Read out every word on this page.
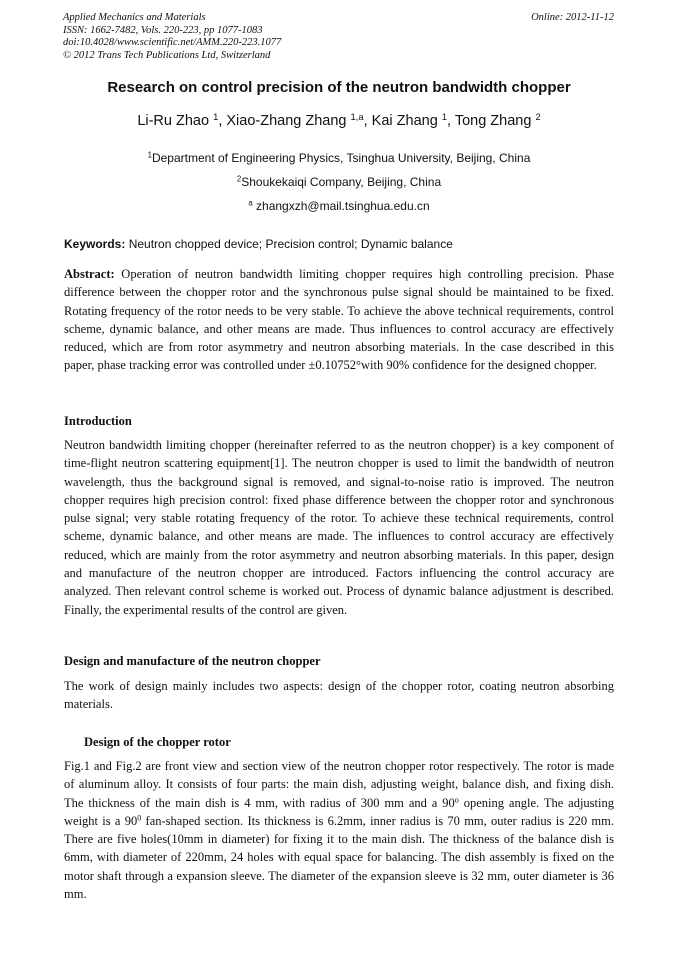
Applied Mechanics and Materials
ISSN: 1662-7482, Vols. 220-223, pp 1077-1083
doi:10.4028/www.scientific.net/AMM.220-223.1077
© 2012 Trans Tech Publications Ltd, Switzerland
Online: 2012-11-12
Research on control precision of the neutron bandwidth chopper
Li-Ru Zhao $^1$, Xiao-Zhang Zhang $^{1,a}$, Kai Zhang $^1$, Tong Zhang $^2$
$^1$Department of Engineering Physics, Tsinghua University, Beijing, China
$^2$Shoukekaiqi Company, Beijing, China
$^a$ zhangxzh@mail.tsinghua.edu.cn
Keywords: Neutron chopped device; Precision control; Dynamic balance
Abstract: Operation of neutron bandwidth limiting chopper requires high controlling precision. Phase difference between the chopper rotor and the synchronous pulse signal should be maintained to be fixed. Rotating frequency of the rotor needs to be very stable. To achieve the above technical requirements, control scheme, dynamic balance, and other means are made. Thus influences to control accuracy are effectively reduced, which are from rotor asymmetry and neutron absorbing materials. In the case described in this paper, phase tracking error was controlled under ±0.10752°with 90% confidence for the designed chopper.
Introduction
Neutron bandwidth limiting chopper (hereinafter referred to as the neutron chopper) is a key component of time-flight neutron scattering equipment[1]. The neutron chopper is used to limit the bandwidth of neutron wavelength, thus the background signal is removed, and signal-to-noise ratio is improved. The neutron chopper requires high precision control: fixed phase difference between the chopper rotor and synchronous pulse signal; very stable rotating frequency of the rotor. To achieve these technical requirements, control scheme, dynamic balance, and other means are made. The influences to control accuracy are effectively reduced, which are mainly from the rotor asymmetry and neutron absorbing materials. In this paper, design and manufacture of the neutron chopper are introduced. Factors influencing the control accuracy are analyzed. Then relevant control scheme is worked out. Process of dynamic balance adjustment is described. Finally, the experimental results of the control are given.
Design and manufacture of the neutron chopper
The work of design mainly includes two aspects: design of the chopper rotor, coating neutron absorbing materials.
Design of the chopper rotor
Fig.1 and Fig.2 are front view and section view of the neutron chopper rotor respectively. The rotor is made of aluminum alloy. It consists of four parts: the main dish, adjusting weight, balance dish, and fixing dish. The thickness of the main dish is 4 mm, with radius of 300 mm and a 90$^o$ opening angle. The adjusting weight is a $90^0$ fan-shaped section. Its thickness is 6.2mm, inner radius is 70 mm, outer radius is 220 mm. There are five holes(10mm in diameter) for fixing it to the main dish. The thickness of the balance dish is 6mm, with diameter of 220mm, 24 holes with equal space for balancing. The dish assembly is fixed on the motor shaft through a expansion sleeve. The diameter of the expansion sleeve is 32 mm, outer diameter is 36 mm.
